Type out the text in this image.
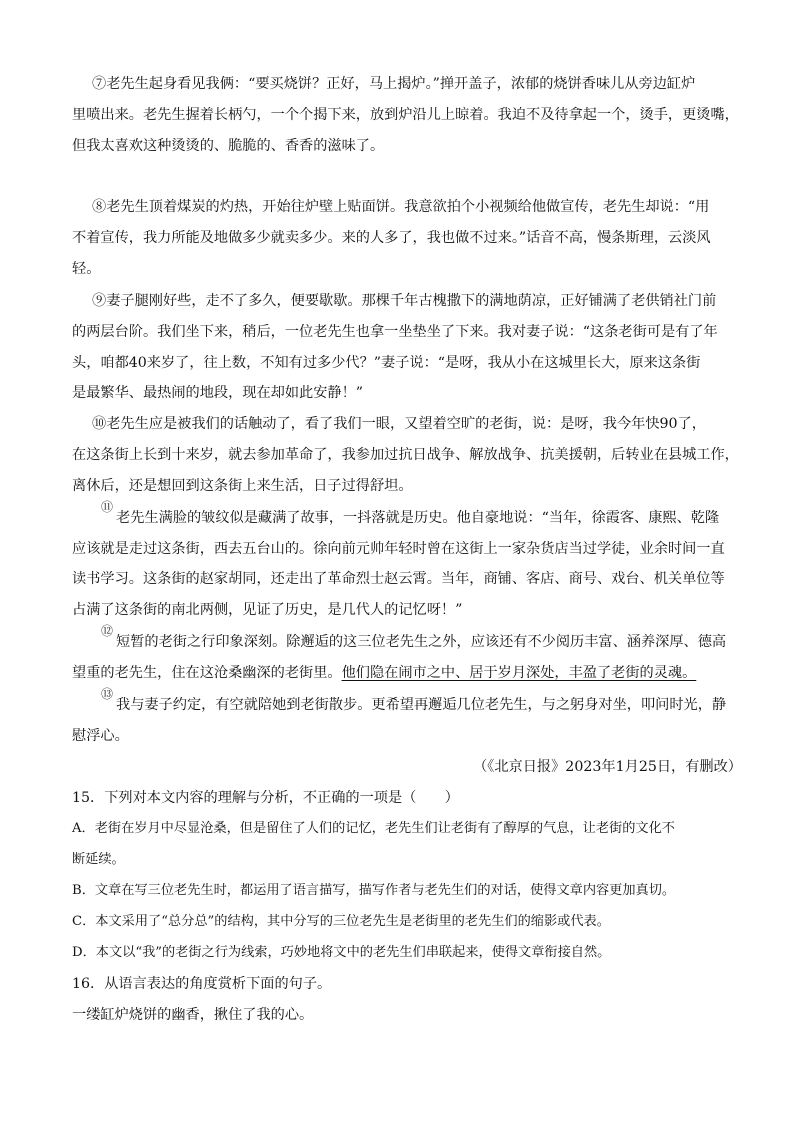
⑦老先生起身看见我俩：“要买烧饼？正好，马上揭炉。”掸开盖子，浓郁的烧饼香味儿从旁边缸炉
里喷出来。老先生握着长柄勺，一个个揭下来，放到炉沿儿上晾着。我迫不及待拿起一个，烫手，更烫嘴，
但我太喜欢这种烫烫的、脆脆的、香香的滋味了。
⑧老先生顶着煤炭的灼热，开始往炉壁上贴面饼。我意欲拍个小视频给他做宣传，老先生却说：“用
不着宣传，我力所能及地做多少就卖多少。来的人多了，我也做不过来。”话音不高，慢条斯理，云淡风
轻。
⑨妻子腿刚好些，走不了多久，便要歇歇。那棵千年古槐撒下的满地荫凉，正好铺满了老供销社门前
的两层台阶。我们坐下来，稍后，一位老先生也拿一坐垫坐了下来。我对妻子说：“这条老街可是有了年
头，咱都40来岁了，往上数，不知有过多少代？”妻子说：“是呀，我从小在这城里长大，原来这条街
是最繁华、最热闹的地段，现在却如此安静！”
⑩老先生应是被我们的话触动了，看了我们一眼，又望着空旷的老街，说：是呀，我今年快90了，
在这条街上长到十来岁，就去参加革命了，我参加过抗日战争、解放战争、抗美援朝，后转业在县城工作，
离休后，还是想回到这条街上来生活，日子过得舒坦。
⑪
老先生满脸的皱纹似是藏满了故事，一抖落就是历史。他自豪地说：“当年，徐霞客、康熙、乾隆
应该就是走过这条街，西去五台山的。徐向前元帅年轻时曾在这街上一家杂货店当过学徒，业余时间一直
读书学习。这条街的赵家胡同，还走出了革命烈士赵云霄。当年，商铺、客店、商号、戏台、机关单位等
占满了这条街的南北两侧，见证了历史，是几代人的记忆呀！”
⑫
短暂的老街之行印象深刻。除邂逅的这三位老先生之外，应该还有不少阅历丰富、涵养深厚、德高
望重的老先生，住在这沧桑幽深的老街里。他们隐在闹市之中、居于岁月深处，丰盈了老街的灵魂。
⑬
我与妻子约定，有空就陪她到老街散步。更希望再邂逅几位老先生，与之躬身对坐，叩问时光，静
慰浮心。
（《北京日报》2023年1月25日，有删改）
15．下列对本文内容的理解与分析，不正确的一项是（　　）
A．老街在岁月中尽显沧桑，但是留住了人们的记忆，老先生们让老街有了醇厚的气息，让老街的文化不
断延续。
B．文章在写三位老先生时，都运用了语言描写，描写作者与老先生们的对话，使得文章内容更加真切。
C．本文采用了“总分总”的结构，其中分写的三位老先生是老街里的老先生们的缩影或代表。
D．本文以“我”的老街之行为线索，巧妙地将文中的老先生们串联起来，使得文章衔接自然。
16．从语言表达的角度赏析下面的句子。
一缕缸炉烧饼的幽香，揪住了我的心。
